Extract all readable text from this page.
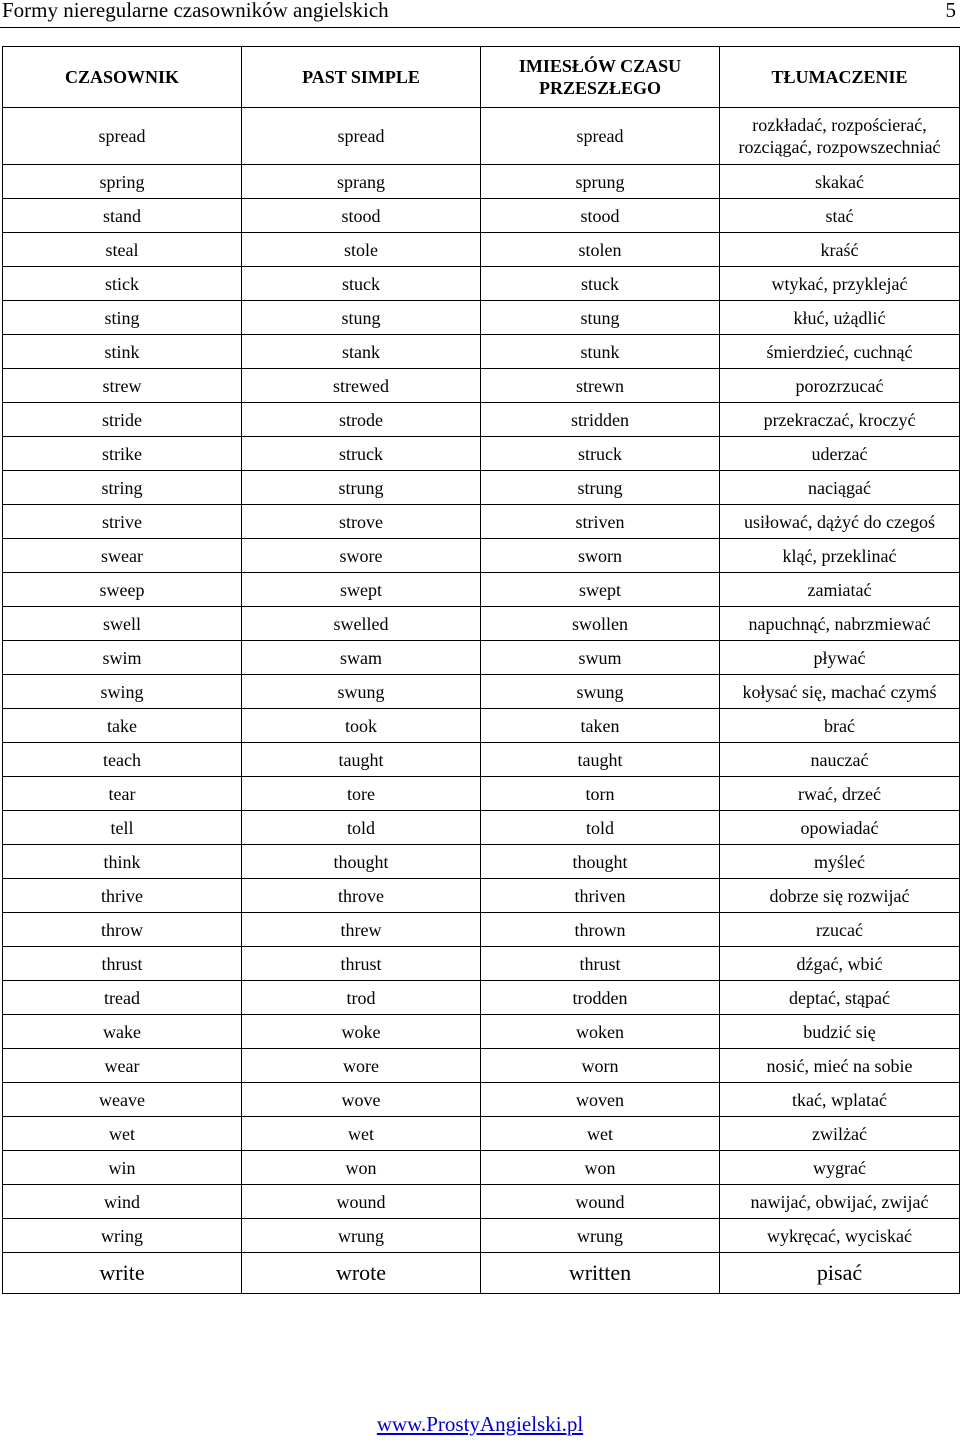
Formy nieregularne czasowników angielskich	5
CZASOWNIK	PAST SIMPLE	IMIESŁÓW CZASU PRZESZŁEGO	TŁUMACZENIE
spread	spread	spread	rozkładać, rozpościerać, rozciągać, rozpowszechniać
spring	sprang	sprung	skakać
stand	stood	stood	stać
steal	stole	stolen	kraść
stick	stuck	stuck	wtykać, przyklejać
sting	stung	stung	kłuć, użądlić
stink	stank	stunk	śmierdzieć, cuchnąć
strew	strewed	strewn	porozrzucać
stride	strode	stridden	przekraczać, kroczyć
strike	struck	struck	uderzać
string	strung	strung	naciągać
strive	strove	striven	usiłować, dążyć do czegoś
swear	swore	sworn	kląć, przeklinać
sweep	swept	swept	zamiatać
swell	swelled	swollen	napuchnąć, nabrzmiewać
swim	swam	swum	pływać
swing	swung	swung	kołysać się, machać czymś
take	took	taken	brać
teach	taught	taught	nauczać
tear	tore	torn	rwać, drzeć
tell	told	told	opowiadać
think	thought	thought	myśleć
thrive	throve	thriven	dobrze się rozwijać
throw	threw	thrown	rzucać
thrust	thrust	thrust	dźgać, wbić
tread	trod	trodden	deptać, stąpać
wake	woke	woken	budzić się
wear	wore	worn	nosić, mieć na sobie
weave	wove	woven	tkać, wplatać
wet	wet	wet	zwilżać
win	won	won	wygrać
wind	wound	wound	nawijać, obwijać, zwijać
wring	wrung	wrung	wykręcać, wyciskać
write	wrote	written	pisać
www.ProstyAngielski.pl
